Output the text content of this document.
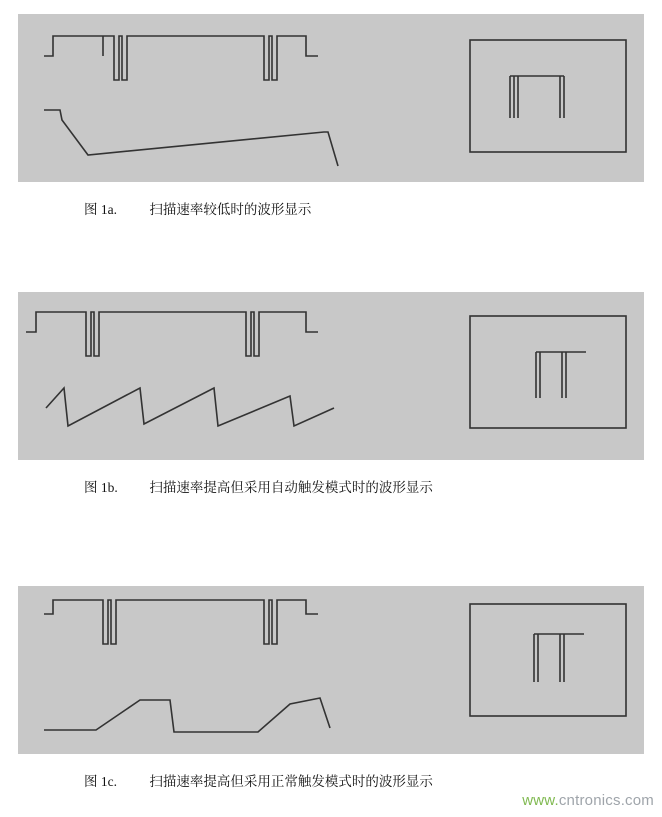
图 1a. 扫描速率较低时的波形显示
图 1b. 扫描速率提高但采用自动触发模式时的波形显示
图 1c. 扫描速率提高但采用正常触发模式时的波形显示
www.cntronics.com
